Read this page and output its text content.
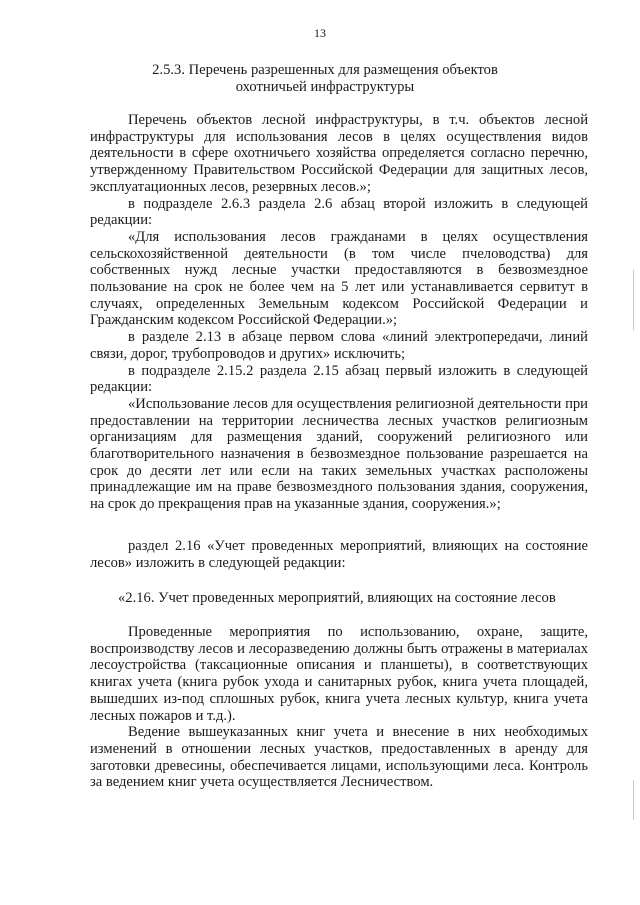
13
2.5.3. Перечень разрешенных для размещения объектов
охотничьей инфраструктуры

Перечень объектов лесной инфраструктуры, в т.ч. объектов лесной инфраструктуры для использования лесов в целях осуществления видов деятельности в сфере охотничьего хозяйства определяется согласно перечню, утвержденному Правительством Российской Федерации для защитных лесов, эксплуатационных лесов, резервных лесов.»;

в подразделе 2.6.3 раздела 2.6 абзац второй изложить в следующей редакции:

«Для использования лесов гражданами в целях осуществления сельскохозяйственной деятельности (в том числе пчеловодства) для собственных нужд лесные участки предоставляются в безвозмездное пользование на срок не более чем на 5 лет или устанавливается сервитут в случаях, определенных Земельным кодексом Российской Федерации и Гражданским кодексом Российской Федерации.»;

в разделе 2.13 в абзаце первом слова «линий электропередачи, линий связи, дорог, трубопроводов и других» исключить;

в подразделе 2.15.2 раздела 2.15 абзац первый изложить в следующей редакции:

«Использование лесов для осуществления религиозной деятельности при предоставлении на территории лесничества лесных участков религиозным организациям для размещения зданий, сооружений религиозного или благотворительного назначения в безвозмездное пользование разрешается на срок до десяти лет или если на таких земельных участках расположены принадлежащие им на праве безвозмездного пользования здания, сооружения, на срок до прекращения прав на указанные здания, сооружения.»;

раздел 2.16 «Учет проведенных мероприятий, влияющих на состояние лесов» изложить в следующей редакции:

«2.16. Учет проведенных мероприятий, влияющих на состояние лесов

Проведенные мероприятия по использованию, охране, защите, воспроизводству лесов и лесоразведению должны быть отражены в материалах лесоустройства (таксационные описания и планшеты), в соответствующих книгах учета (книга рубок ухода и санитарных рубок, книга учета площадей, вышедших из-под сплошных рубок, книга учета лесных культур, книга учета лесных пожаров и т.д.).

Ведение вышеуказанных книг учета и внесение в них необходимых изменений в отношении лесных участков, предоставленных в аренду для заготовки древесины, обеспечивается лицами, использующими леса. Контроль за ведением книг учета осуществляется Лесничеством.
